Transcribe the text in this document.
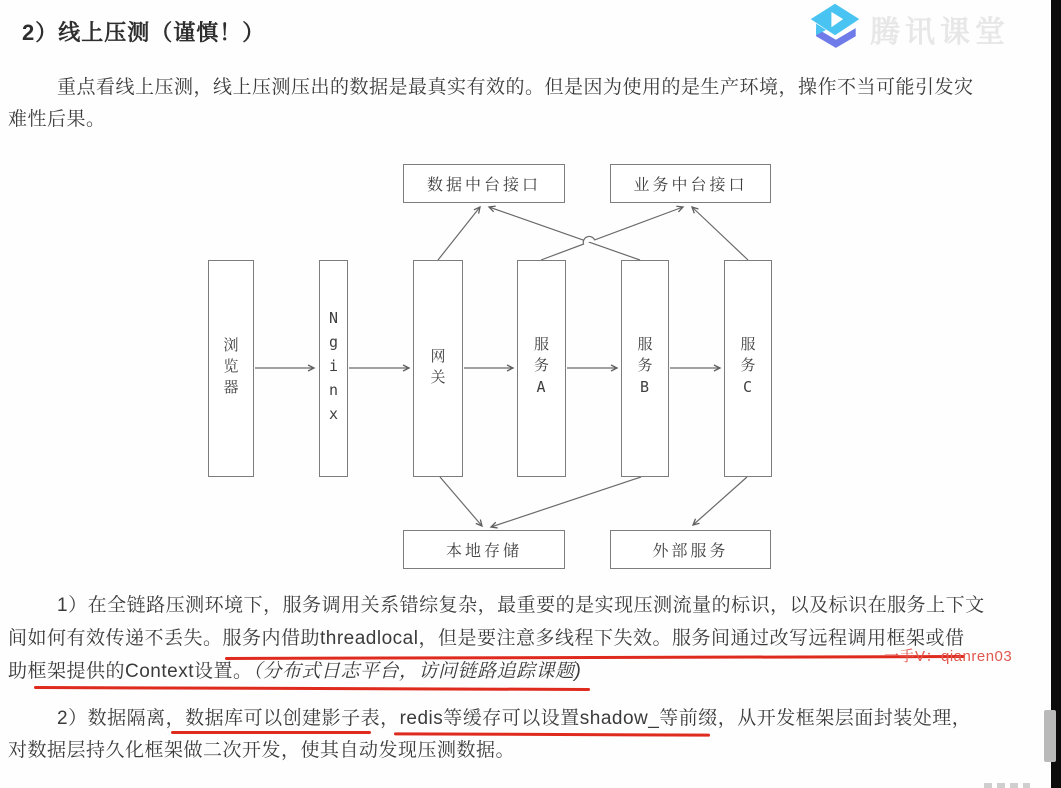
2）线上压测（谨慎！）	腾讯课堂
重点看线上压测，线上压测压出的数据是最真实有效的。但是因为使用的是生产环境，操作不当可能引发灾
难性后果。
数据中台接口	业务中台接口
浏览器	Nginx	网关	服务A	服务B	服务C
本地存储	外部服务
1）在全链路压测环境下，服务调用关系错综复杂，最重要的是实现压测流量的标识，以及标识在服务上下文
间如何有效传递不丢失。服务内借助threadlocal，但是要注意多线程下失效。服务间通过改写远程调用框架或借
助框架提供的Context设置。（分布式日志平台，访问链路追踪课题)
2）数据隔离，数据库可以创建影子表，redis等缓存可以设置shadow_等前缀，从开发框架层面封装处理，
对数据层持久化框架做二次开发，使其自动发现压测数据。
一手V：qianren03
